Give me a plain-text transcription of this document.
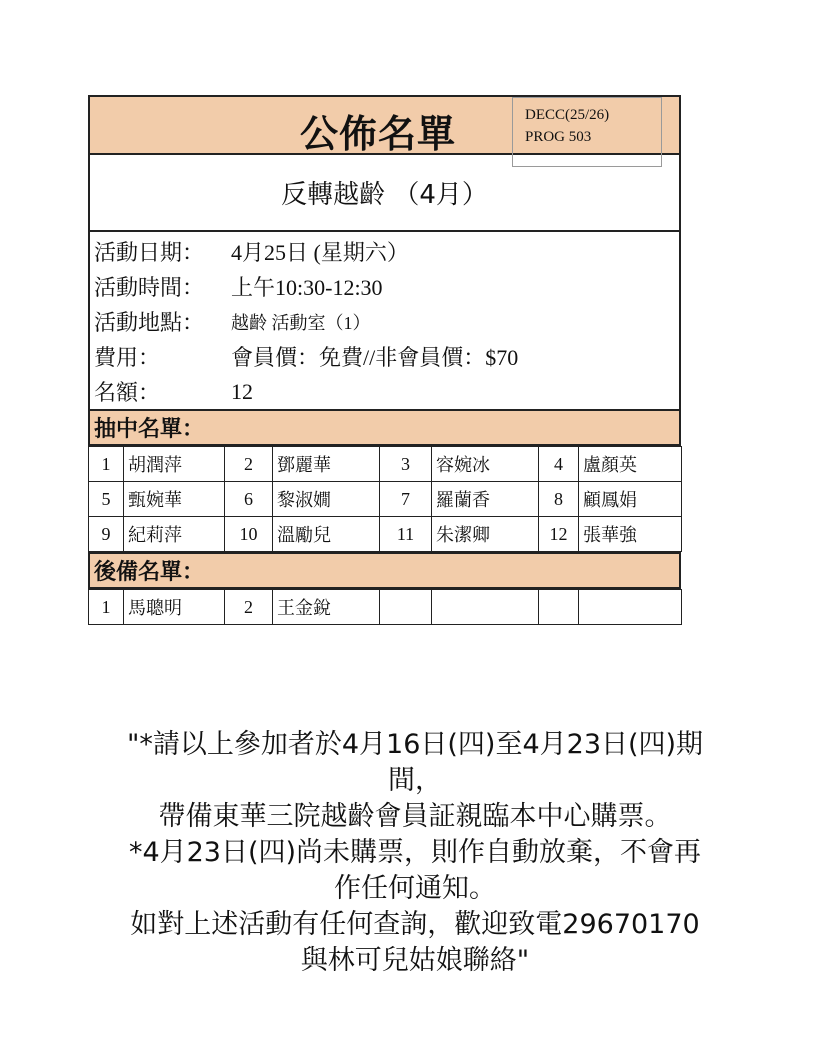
公佈名單	DECC(25/26)
PROG 503
反轉越齡 （4月）
活動日期：	4月25日 (星期六）
活動時間：	上午10:30-12:30
活動地點：	越齡 活動室（1）
費用：	會員價：免費//非會員價：$70
名額：	12
抽中名單：
1	胡潤萍	2	鄧麗華	3	容婉冰	4	盧顏英
5	甄婉華	6	黎淑嫺	7	羅蘭香	8	顧鳳娟
9	紀莉萍	10	溫勵兒	11	朱潔卿	12	張華強
後備名單：
1	馬聰明	2	王金銳				
"*請以上參加者於4月16日(四)至4月23日(四)期
間，
帶備東華三院越齡會員証親臨本中心購票。
*4月23日(四)尚未購票，則作自動放棄，不會再
作任何通知。
如對上述活動有任何查詢，歡迎致電29670170
與林可兒姑娘聯絡"
